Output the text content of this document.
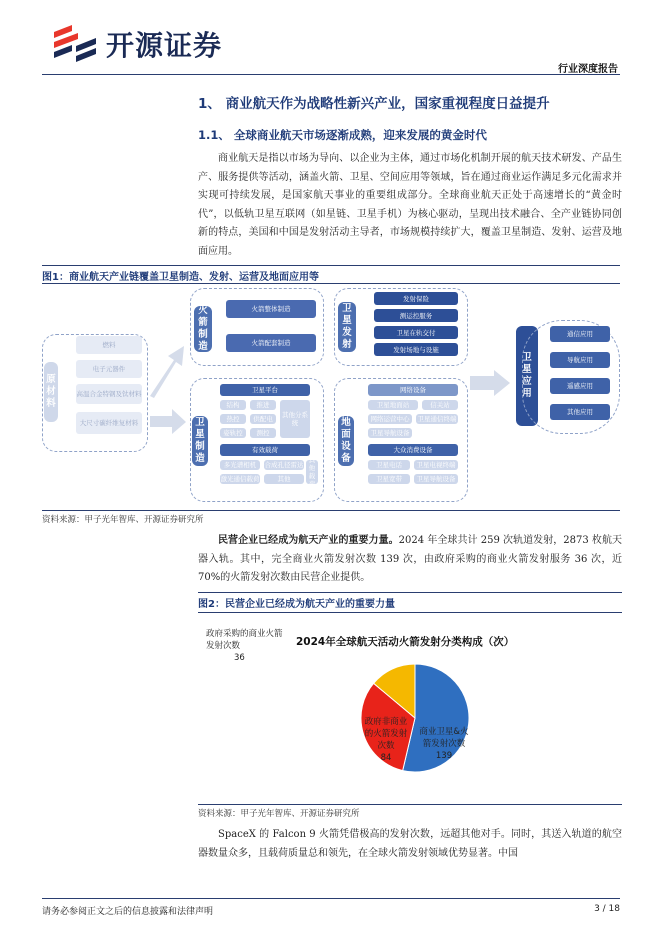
开源证券
行业深度报告
1、 商业航天作为战略性新兴产业，国家重视程度日益提升
1.1、 全球商业航天市场逐渐成熟，迎来发展的黄金时代

商业航天是指以市场为导向、以企业为主体，通过市场化机制开展的航天技术研发、产品生产、服务提供等活动，涵盖火箭、卫星、空间应用等领域，旨在通过商业运作满足多元化需求并实现可持续发展，是国家航天事业的重要组成部分。全球商业航天正处于高速增长的“黄金时代”，以低轨卫星互联网（如星链、卫星手机）为核心驱动，呈现出技术融合、全产业链协同创新的特点，美国和中国是发射活动主导者，市场规模持续扩大，覆盖卫星制造、发射、运营及地面应用。

图1：商业航天产业链覆盖卫星制造、发射、运营及地面应用等
原材料
燃料
电子元器件
高温合金特钢及钛材料
大尺寸碳纤维复材料
火箭制造
火箭整体制造
火箭配套制造
卫星发射
发射保险
测运控服务
卫星在轨交付
发射场地与设施
卫星制造
卫星平台
结构	推进
热控	供配电
姿轨控	测控
其他分系统
有效载荷
多光谱相机	合成孔径雷达
激光通信载荷	其他
其他载荷
地面设备
网络设备
卫星地面站	信关站
网络运营中心	卫星通信终端
卫星导航设备
大众消费设备
卫星电话	卫星电视终端
卫星宽带	卫星导航设备
卫星应用
通信应用
导航应用
遥感应用
其他应用
资料来源：甲子光年智库、开源证券研究所

民营企业已经成为航天产业的重要力量。2024 年全球共计 259 次轨道发射，2873 枚航天器入轨。其中，完全商业火箭发射次数 139 次，由政府采购的商业火箭发射服务 36 次，近 70%的火箭发射次数由民营企业提供。

图2：民营企业已经成为航天产业的重要力量
2024年全球航天活动火箭发射分类构成（次）
政府采购的商业火箭发射次数
36
政府非商业的火箭发射次数
84
商业卫星&火箭发射次数
139
资料来源：甲子光年智库、开源证券研究所

SpaceX 的 Falcon 9 火箭凭借极高的发射次数，远超其他对手。同时，其送入轨道的航空器数量众多，且载荷质量总和领先，在全球火箭发射领域优势显著。中国

请务必参阅正文之后的信息披露和法律声明	3 / 18
